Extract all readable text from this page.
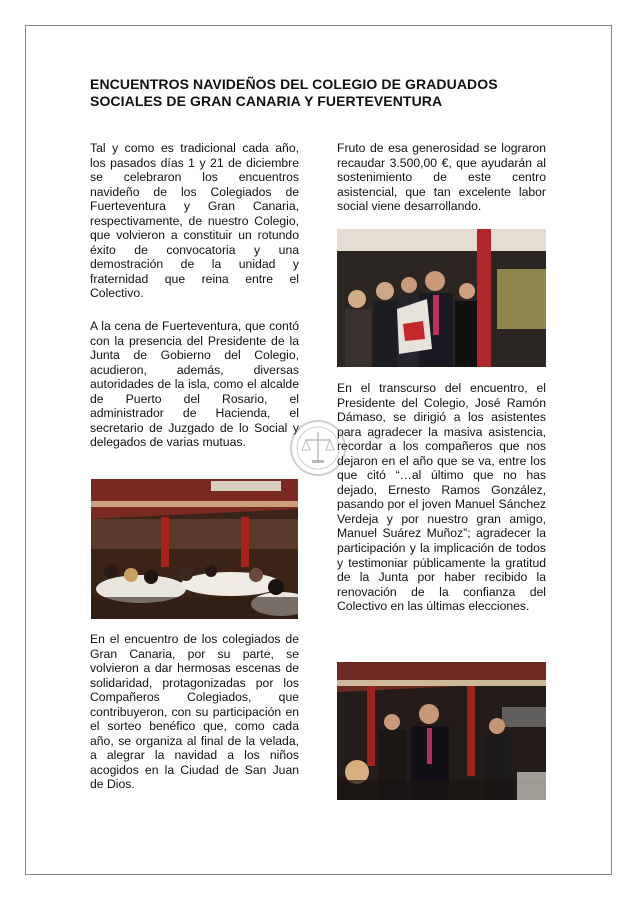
ENCUENTROS NAVIDEÑOS DEL COLEGIO DE GRADUADOS SOCIALES DE GRAN CANARIA Y FUERTEVENTURA
Tal y como es tradicional cada año, los pasados días 1 y 21 de diciembre se celebraron los encuentros navideño de los Colegiados de Fuerteventura y Gran Canaria, respectivamente, de nuestro Colegio, que volvieron a constituir un rotundo éxito de convocatoria y una demostración de la unidad y fraternidad que reina entre el Colectivo.
A la cena de Fuerteventura, que contó con la presencia del Presidente de la Junta de Gobierno del Colegio, acudieron, además, diversas autoridades de la isla, como el alcalde de Puerto del Rosario, el administrador de Hacienda, el secretario de Juzgado de lo Social y delegados de varias mutuas.
En el encuentro de los colegiados de Gran Canaria, por su parte, se volvieron a dar hermosas escenas de solidaridad, protagonizadas por los Compañeros Colegiados, que contribuyeron, con su participación en el sorteo benéfico que, como cada año, se organiza al final de la velada, a alegrar la navidad a los niños acogidos en la Ciudad de San Juan de Dios.
Fruto de esa generosidad se lograron recaudar 3.500,00 €, que ayudarán al sostenimiento de este centro asistencial, que tan excelente labor social viene desarrollando.
En el transcurso del encuentro, el Presidente del Colegio, José Ramón Dámaso, se dirigió a los asistentes para agradecer la masiva asistencia, recordar a los compañeros que nos dejaron en el año que se va, entre los que citó “…al último que no has dejado, Ernesto Ramos González, pasando por el joven Manuel Sánchez Verdeja y por nuestro gran amigo, Manuel Suárez Muñoz”; agradecer la participación y la implicación de todos y testimoniar públicamente la gratitud de la Junta por haber recibido la renovación de la confianza del Colectivo en las últimas elecciones.
